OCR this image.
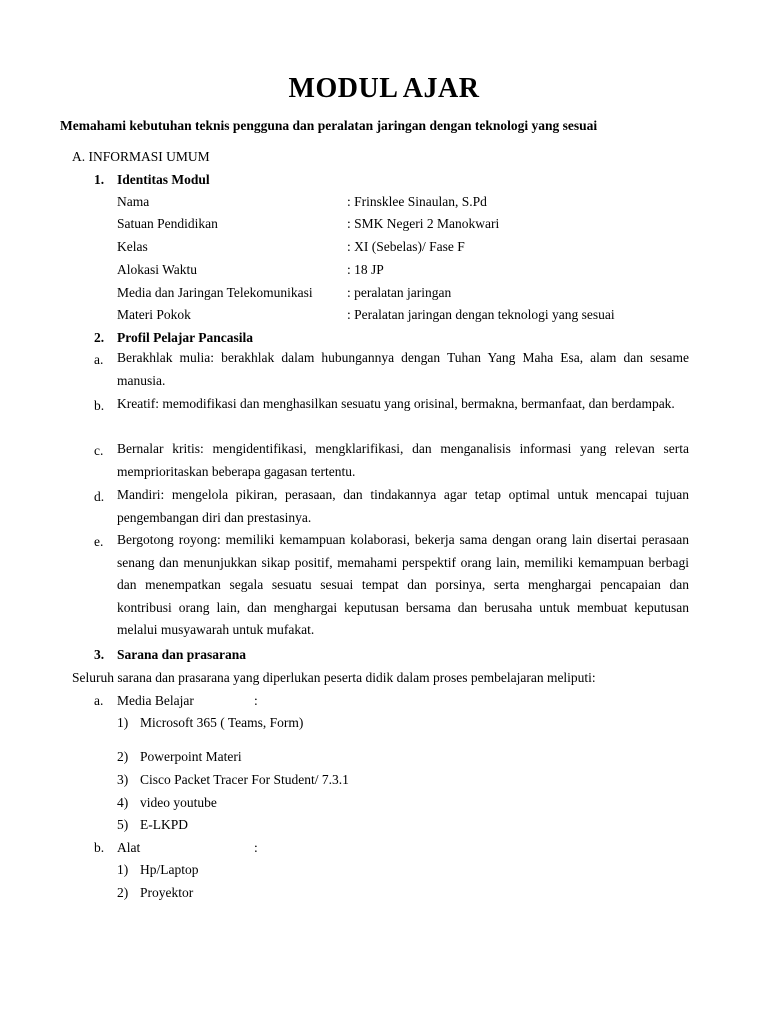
MODUL AJAR
Memahami kebutuhan teknis pengguna dan peralatan jaringan dengan teknologi yang sesuai
A. INFORMASI UMUM
1. Identitas Modul
Nama	: Frinsklee Sinaulan, S.Pd
Satuan Pendidikan	: SMK Negeri 2 Manokwari
Kelas	: XI (Sebelas)/ Fase F
Alokasi Waktu	: 18 JP
Media dan Jaringan Telekomunikasi	: peralatan jaringan
Materi Pokok	: Peralatan jaringan dengan teknologi yang sesuai
2. Profil Pelajar Pancasila
a. Berakhlak mulia: berakhlak dalam hubungannya dengan Tuhan Yang Maha Esa, alam dan sesame manusia.
b. Kreatif: memodifikasi dan menghasilkan sesuatu yang orisinal, bermakna, bermanfaat, dan berdampak.
c. Bernalar kritis: mengidentifikasi, mengklarifikasi, dan menganalisis informasi yang relevan serta memprioritaskan beberapa gagasan tertentu.
d. Mandiri: mengelola pikiran, perasaan, dan tindakannya agar tetap optimal untuk mencapai tujuan pengembangan diri dan prestasinya.
e. Bergotong royong: memiliki kemampuan kolaborasi, bekerja sama dengan orang lain disertai perasaan senang dan menunjukkan sikap positif, memahami perspektif orang lain, memiliki kemampuan berbagi dan menempatkan segala sesuatu sesuai tempat dan porsinya, serta menghargai pencapaian dan kontribusi orang lain, dan menghargai keputusan bersama dan berusaha untuk membuat keputusan melalui musyawarah untuk mufakat.
3. Sarana dan prasarana
Seluruh sarana dan prasarana yang diperlukan peserta didik dalam proses pembelajaran meliputi:
a. Media Belajar	:
1) Microsoft 365 ( Teams, Form)
2) Powerpoint Materi
3) Cisco Packet Tracer For Student/ 7.3.1
4) video youtube
5) E-LKPD
b. Alat	:
1) Hp/Laptop
2) Proyektor
